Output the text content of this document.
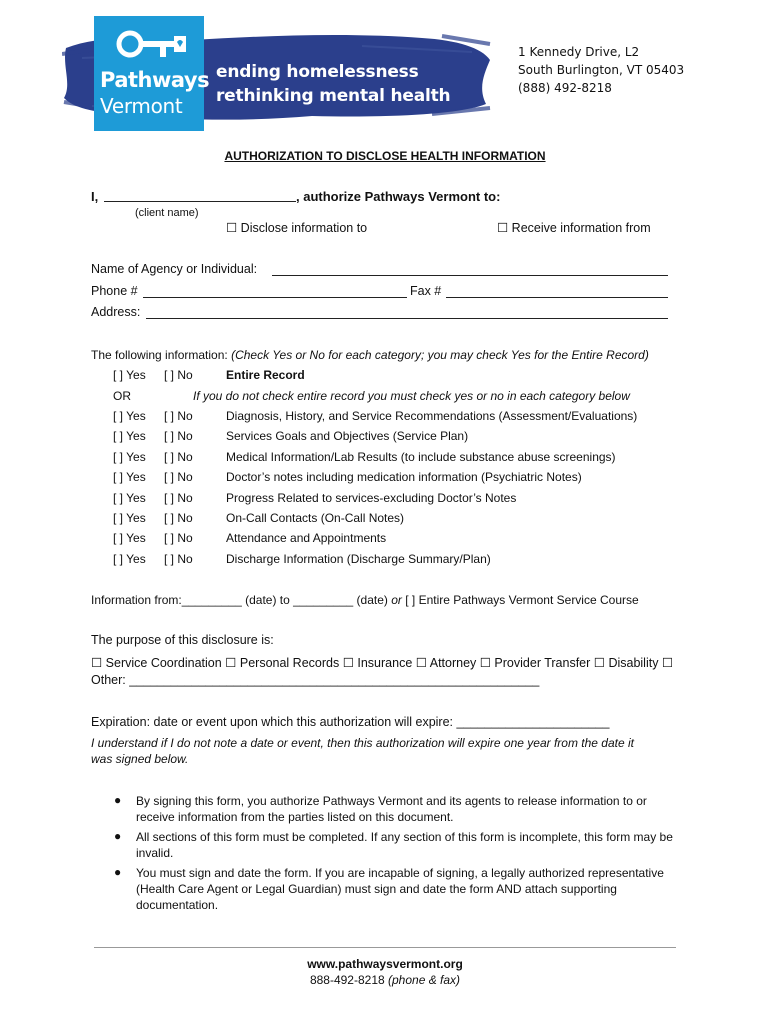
Pathways
Vermont
ending homelessness
rethinking mental health
1 Kennedy Drive, L2
South Burlington, VT 05403
(888) 492-8218
AUTHORIZATION TO DISCLOSE HEALTH INFORMATION
I,	, authorize Pathways Vermont to:
(client name)
☐ Disclose information to	☐ Receive information from
Name of Agency or Individual:
Phone #	Fax #
Address:
The following information: (Check Yes or No for each category; you may check Yes for the Entire Record)
[ ] Yes [ ] No	Entire Record
OR	If you do not check entire record you must check yes or no in each category below
[ ] Yes [ ] No	Diagnosis, History, and Service Recommendations (Assessment/Evaluations)
[ ] Yes [ ] No	Services Goals and Objectives (Service Plan)
[ ] Yes [ ] No	Medical Information/Lab Results (to include substance abuse screenings)
[ ] Yes [ ] No	Doctor’s notes including medication information (Psychiatric Notes)
[ ] Yes [ ] No	Progress Related to services-excluding Doctor’s Notes
[ ] Yes [ ] No	On-Call Contacts (On-Call Notes)
[ ] Yes [ ] No	Attendance and Appointments
[ ] Yes [ ] No	Discharge Information (Discharge Summary/Plan)
Information from:_________ (date) to _________ (date) or [ ] Entire Pathways Vermont Service Course
The purpose of this disclosure is:
☐ Service Coordination ☐ Personal Records ☐ Insurance ☐ Attorney ☐ Provider Transfer ☐ Disability ☐
Other: ___________________________________________________________
Expiration: date or event upon which this authorization will expire: ______________________
I understand if I do not note a date or event, then this authorization will expire one year from the date it
was signed below.
● By signing this form, you authorize Pathways Vermont and its agents to release information to or receive information from the parties listed on this document.
● All sections of this form must be completed. If any section of this form is incomplete, this form may be invalid.
● You must sign and date the form. If you are incapable of signing, a legally authorized representative (Health Care Agent or Legal Guardian) must sign and date the form AND attach supporting documentation.
www.pathwaysvermont.org
888-492-8218 (phone & fax)
